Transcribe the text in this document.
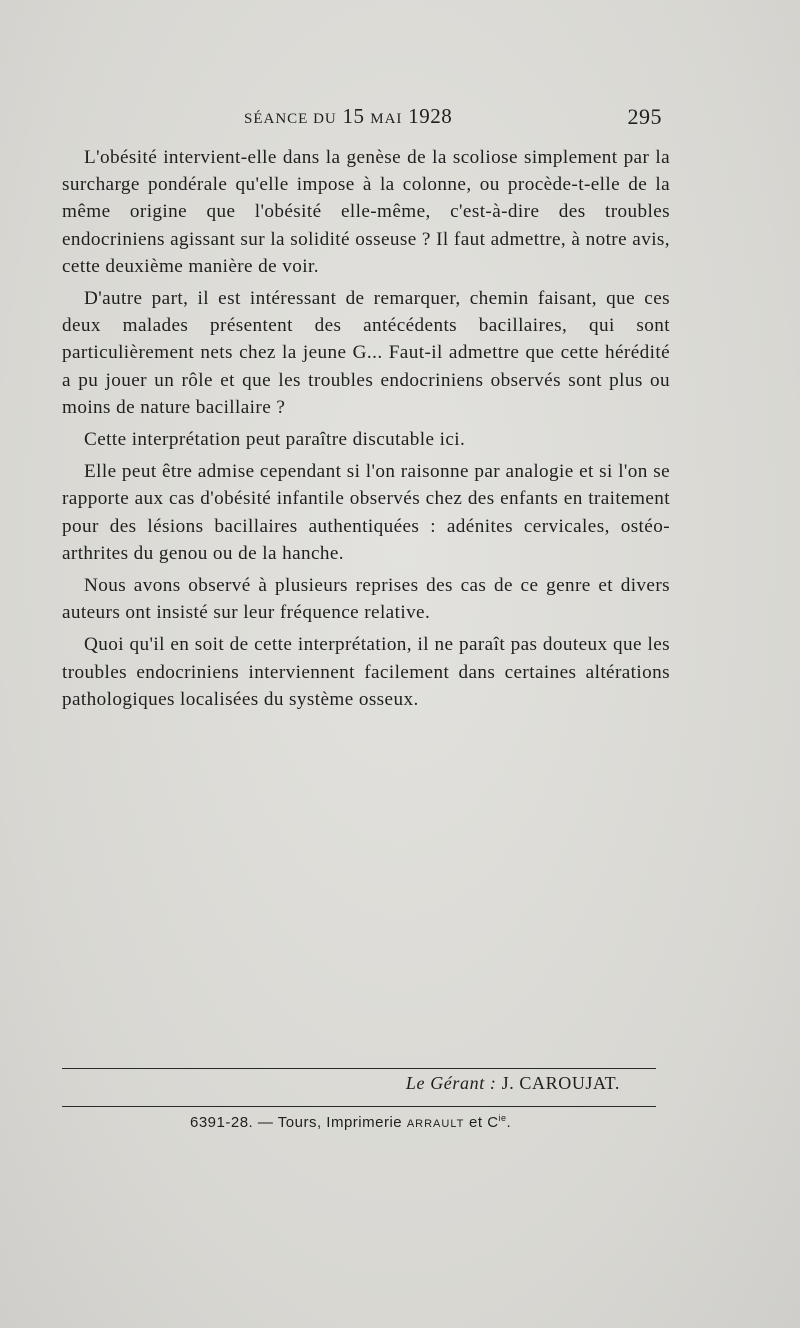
SÉANCE DU 15 MAI 1928	295

L'obésité intervient-elle dans la genèse de la scoliose simplement par la surcharge pondérale qu'elle impose à la colonne, ou procède-t-elle de la même origine que l'obésité elle-même, c'est-à-dire des troubles endocriniens agissant sur la solidité osseuse ? Il faut admettre, à notre avis, cette deuxième manière de voir.

D'autre part, il est intéressant de remarquer, chemin faisant, que ces deux malades présentent des antécédents bacillaires, qui sont particulièrement nets chez la jeune G... Faut-il admettre que cette hérédité a pu jouer un rôle et que les troubles endocriniens observés sont plus ou moins de nature bacillaire ?

Cette interprétation peut paraître discutable ici.

Elle peut être admise cependant si l'on raisonne par analogie et si l'on se rapporte aux cas d'obésité infantile observés chez des enfants en traitement pour des lésions bacillaires authentiquées : adénites cervicales, ostéo-arthrites du genou ou de la hanche.

Nous avons observé à plusieurs reprises des cas de ce genre et divers auteurs ont insisté sur leur fréquence relative.

Quoi qu'il en soit de cette interprétation, il ne paraît pas douteux que les troubles endocriniens interviennent facilement dans certaines altérations pathologiques localisées du système osseux.

Le Gérant : J. CAROUJAT.
6391-28. — Tours, Imprimerie ARRAULT et $C^{ie}$.
